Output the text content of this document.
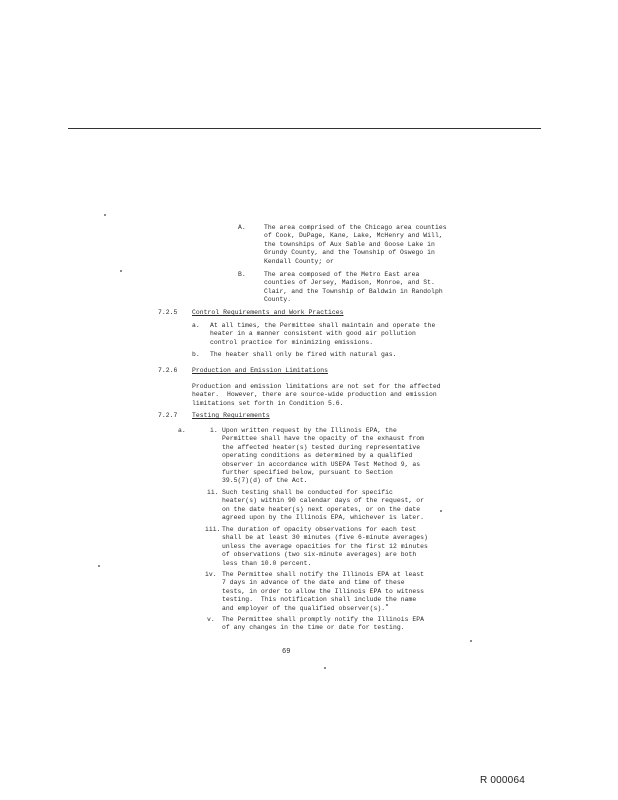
A.	The area comprised of the Chicago area counties
of Cook, DuPage, Kane, Lake, McHenry and Will,
the townships of Aux Sable and Goose Lake in
Grundy County, and the Township of Oswego in
Kendall County; or
B.	The area composed of the Metro East area
counties of Jersey, Madison, Monroe, and St.
Clair, and the Township of Baldwin in Randolph
County.
7.2.5 Control Requirements and Work Practices
a. At all times, the Permittee shall maintain and operate the
heater in a manner consistent with good air pollution
control practice for minimizing emissions.
b. The heater shall only be fired with natural gas.
7.2.6 Production and Emission Limitations
Production and emission limitations are not set for the affected
heater.  However, there are source-wide production and emission
limitations set forth in Condition 5.6.
7.2.7 Testing Requirements
a.	i. Upon written request by the Illinois EPA, the
Permittee shall have the opacity of the exhaust from
the affected heater(s) tested during representative
operating conditions as determined by a qualified
observer in accordance with USEPA Test Method 9, as
further specified below, pursuant to Section
39.5(7)(d) of the Act.
ii. Such testing shall be conducted for specific
heater(s) within 90 calendar days of the request, or
on the date heater(s) next operates, or on the date
agreed upon by the Illinois EPA, whichever is later.
iii. The duration of opacity observations for each test
shall be at least 30 minutes (five 6-minute averages)
unless the average opacities for the first 12 minutes
of observations (two six-minute averages) are both
less than 10.0 percent.
iv. The Permittee shall notify the Illinois EPA at least
7 days in advance of the date and time of these
tests, in order to allow the Illinois EPA to witness
testing.  This notification shall include the name
and employer of the qualified observer(s).
v. The Permittee shall promptly notify the Illinois EPA
of any changes in the time or date for testing.
69
R 000064
